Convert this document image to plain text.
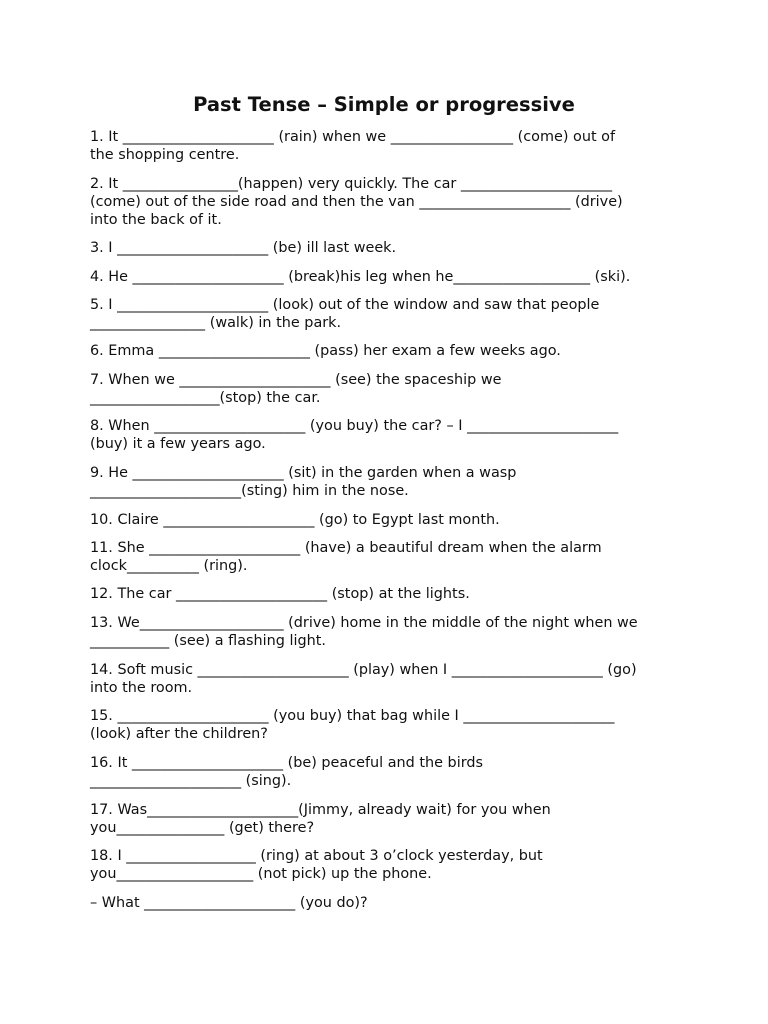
Past Tense – Simple or progressive

1. It _____________________ (rain) when we _________________ (come) out of
the shopping centre.

2. It ________________(happen) very quickly. The car _____________________
(come) out of the side road and then the van _____________________ (drive)
into the back of it.

3. I _____________________ (be) ill last week.

4. He _____________________ (break)his leg when he___________________ (ski).

5. I _____________________ (look) out of the window and saw that people
________________ (walk) in the park.

6. Emma _____________________ (pass) her exam a few weeks ago.

7. When we _____________________ (see) the spaceship we
__________________(stop) the car.

8. When _____________________ (you buy) the car? – I _____________________
(buy) it a few years ago.

9. He _____________________ (sit) in the garden when a wasp
_____________________(sting) him in the nose.

10. Claire _____________________ (go) to Egypt last month.

11. She _____________________ (have) a beautiful dream when the alarm
clock__________ (ring).

12. The car _____________________ (stop) at the lights.

13. We____________________ (drive) home in the middle of the night when we
___________ (see) a flashing light.

14. Soft music _____________________ (play) when I _____________________ (go)
into the room.

15. _____________________ (you buy) that bag while I _____________________
(look) after the children?

16. It _____________________ (be) peaceful and the birds
_____________________ (sing).

17. Was_____________________(Jimmy, already wait) for you when
you_______________ (get) there?

18. I __________________ (ring) at about 3 o’clock yesterday, but
you___________________ (not pick) up the phone.

– What _____________________ (you do)?
